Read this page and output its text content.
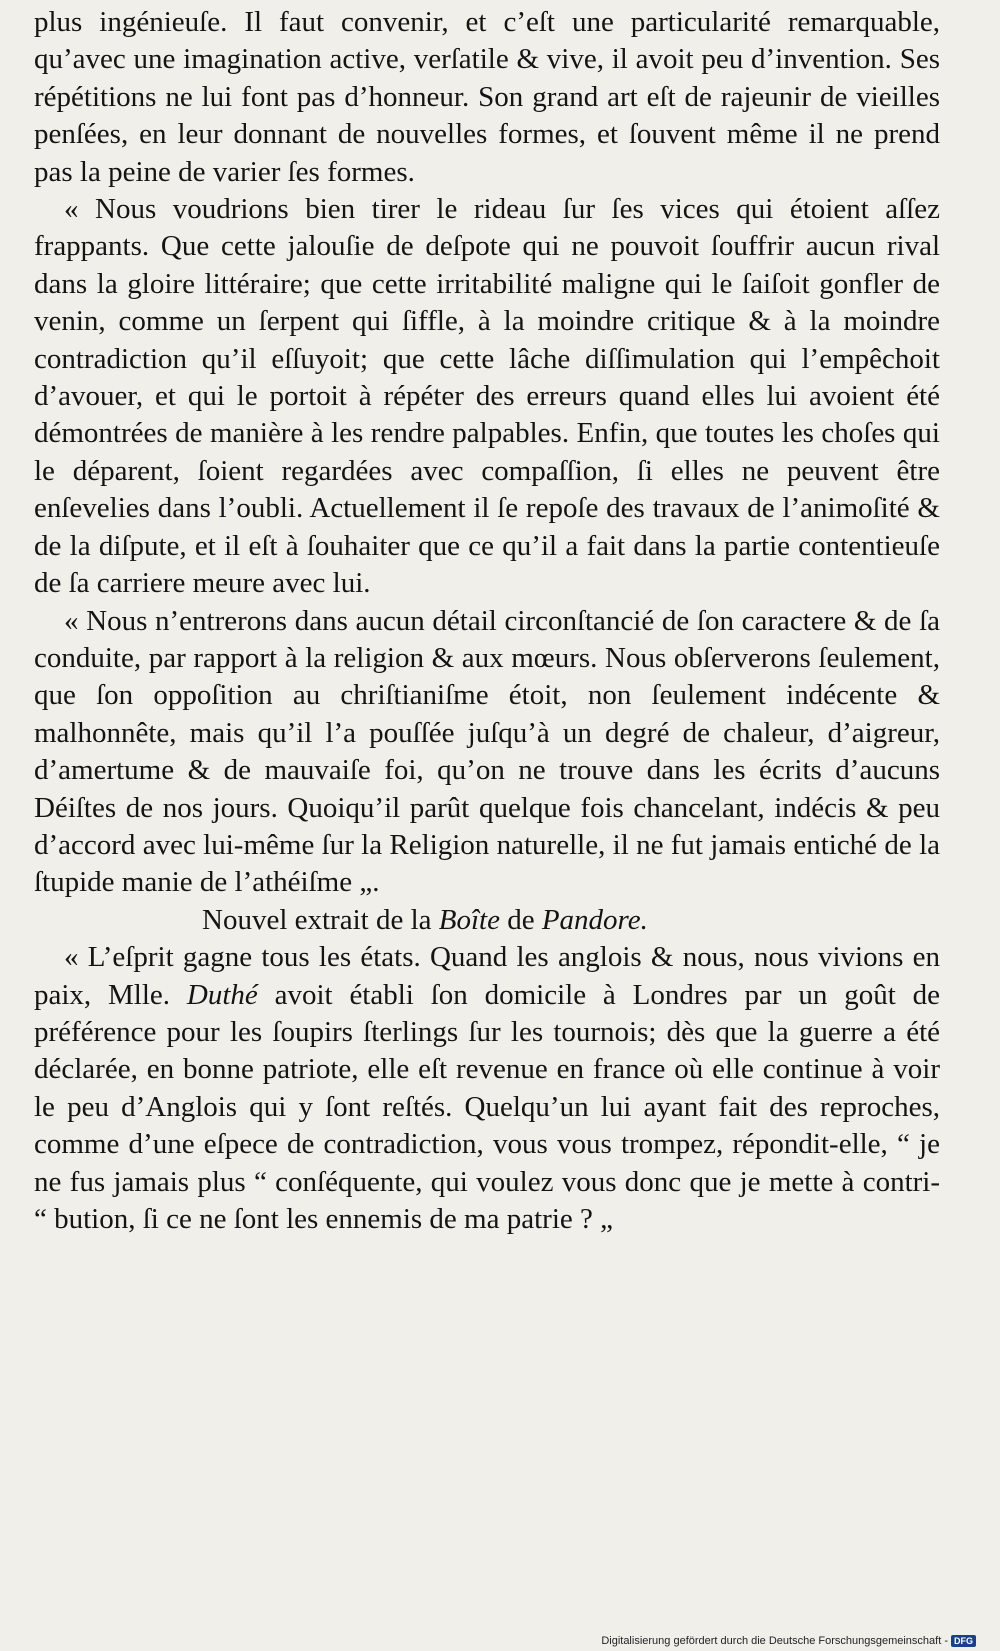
plus ingénieuſe. Il faut convenir, et c’eſt une particularité remarquable, qu’avec une imagination active, verſatile & vive, il avoit peu d’invention. Ses répétitions ne lui font pas d’honneur. Son grand art eſt de rajeunir de vieilles penſées, en leur donnant de nouvelles formes, et ſouvent même il ne prend pas la peine de varier ſes formes.

« Nous voudrions bien tirer le rideau ſur ſes vices qui étoient aſſez frappants. Que cette jalouſie de deſpote qui ne pouvoit ſouffrir aucun rival dans la gloire littéraire; que cette irritabilité maligne qui le ſaiſoit gonfler de venin, comme un ſerpent qui ſiffle, à la moindre critique & à la moindre contradiction qu’il eſſuyoit; que cette lâche diſſimulation qui l’empêchoit d’avouer, et qui le portoit à répéter des erreurs quand elles lui avoient été démontrées de manière à les rendre palpables. Enfin, que toutes les choſes qui le déparent, ſoient regardées avec compaſſion, ſi elles ne peuvent être enſevelies dans l’oubli. Actuellement il ſe repoſe des travaux de l’animoſité & de la diſpute, et il eſt à ſouhaiter que ce qu’il a fait dans la partie contentieuſe de ſa carriere meure avec lui.

« Nous n’entrerons dans aucun détail circonſtancié de ſon caractere & de ſa conduite, par rapport à la religion & aux mœurs. Nous obſerverons ſeulement, que ſon oppoſition au chriſtianiſme étoit, non ſeulement indécente & malhonnête, mais qu’il l’a pouſſée juſqu’à un degré de chaleur, d’aigreur, d’amertume & de mauvaiſe foi, qu’on ne trouve dans les écrits d’aucuns Déiſtes de nos jours. Quoiqu’il parût quelque fois chancelant, indécis & peu d’accord avec lui-même ſur la Religion naturelle, il ne fut jamais entiché de la ſtupide manie de l’athéiſme „.

Nouvel extrait de la Boîte de Pandore.

« L’eſprit gagne tous les états. Quand les anglois & nous, nous vivions en paix, Mlle. Duthé avoit établi ſon domicile à Londres par un goût de préférence pour les ſoupirs ſterlings ſur les tournois; dès que la guerre a été déclarée, en bonne patriote, elle eſt revenue en france où elle continue à voir le peu d’Anglois qui y ſont reſtés. Quelqu’un lui ayant fait des reproches, comme d’une eſpece de contradiction, vous vous trompez, répondit-elle, “ je ne fus jamais plus “ conſéquente, qui voulez vous donc que je mette à contri- “ bution, ſi ce ne ſont les ennemis de ma patrie ? „

Digitalisierung gefördert durch die Deutsche Forschungsgemeinschaft - DFG
